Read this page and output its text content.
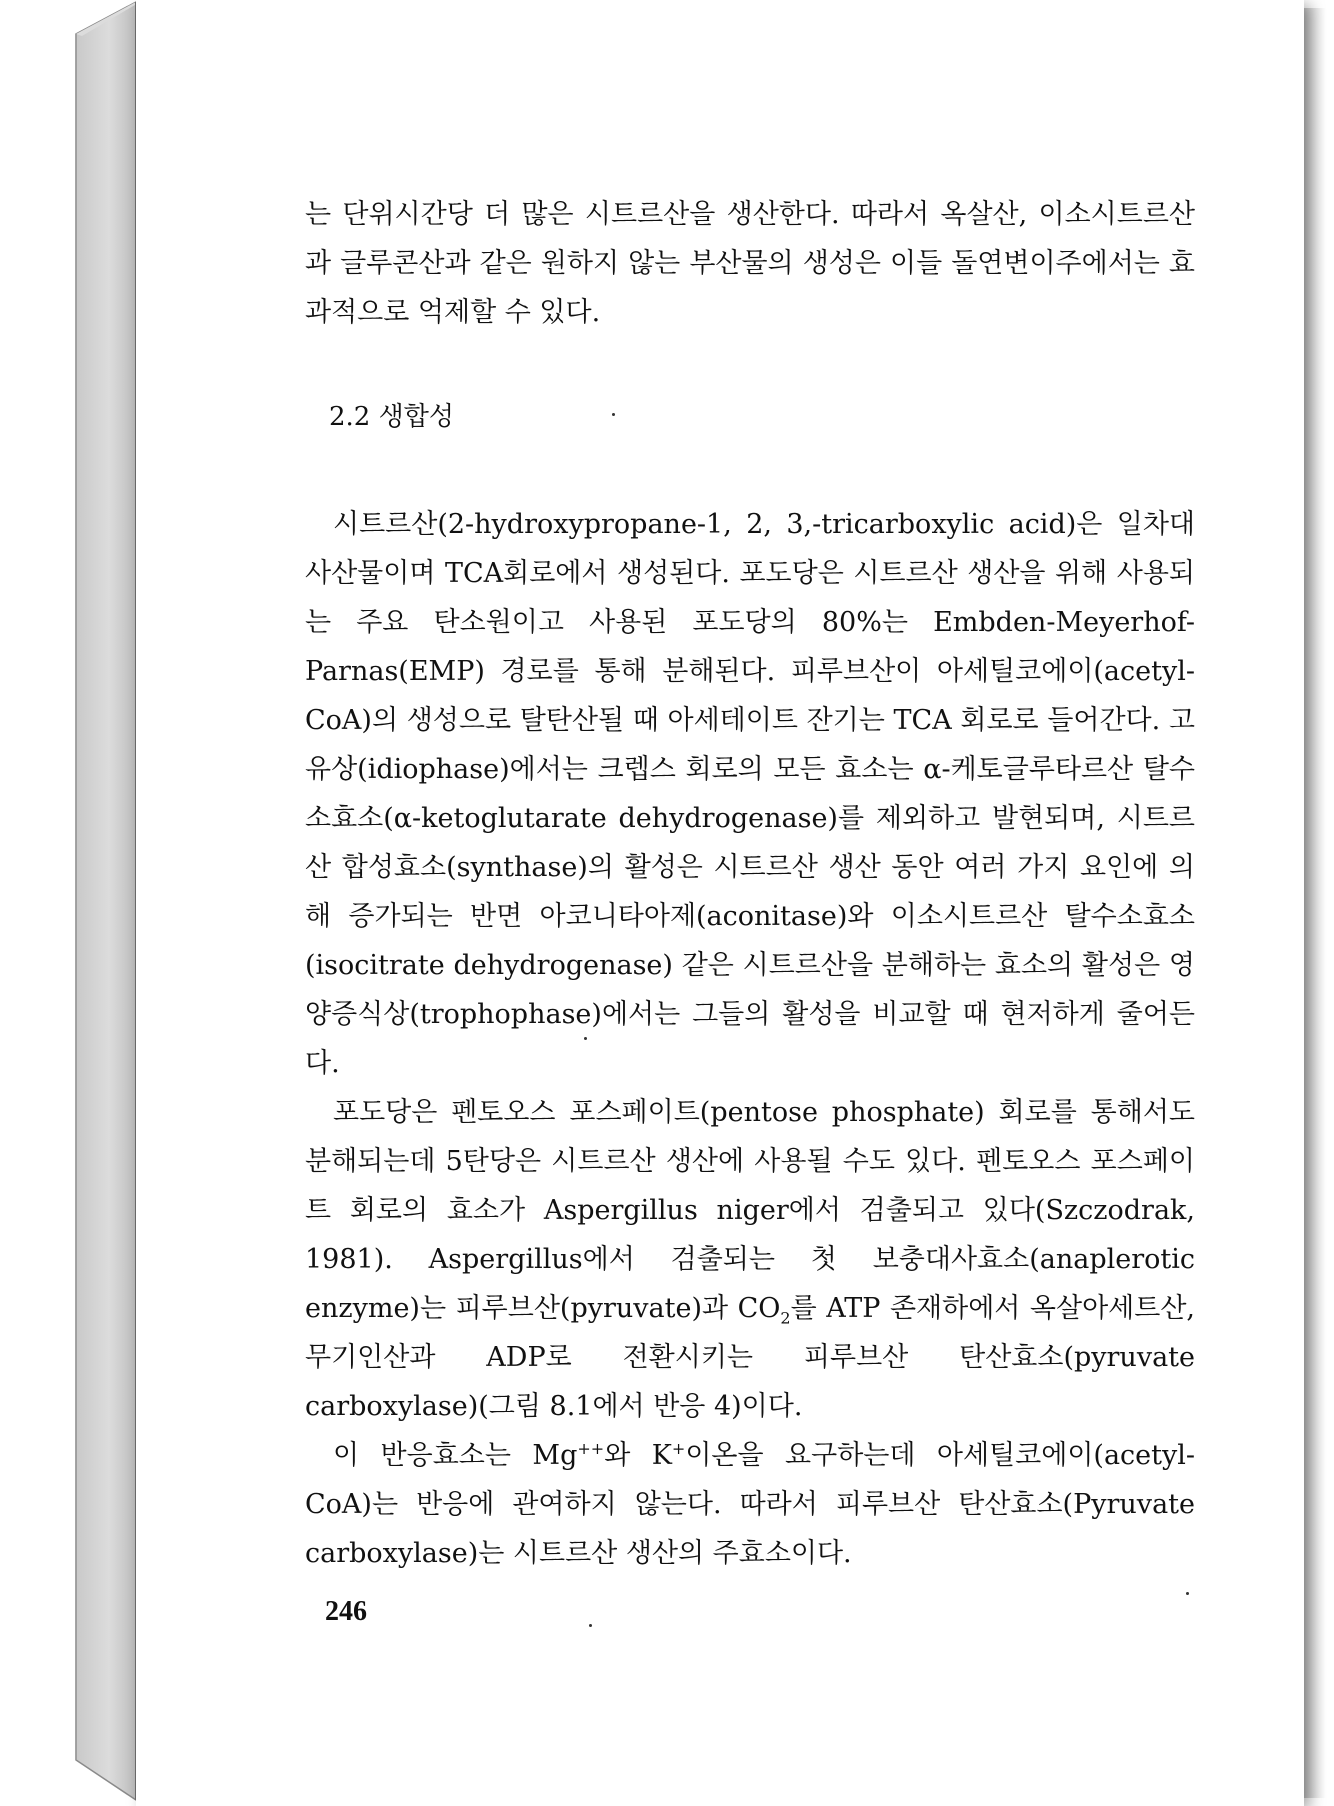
는 단위시간당 더 많은 시트르산을 생산한다. 따라서 옥살산, 이소시트르산과 글루콘산과 같은 원하지 않는 부산물의 생성은 이들 돌연변이주에서는 효과적으로 억제할 수 있다.

2.2 생합성

시트르산(2-hydroxypropane-1, 2, 3,-tricarboxylic acid)은 일차대사산물이며 TCA회로에서 생성된다. 포도당은 시트르산 생산을 위해 사용되는 주요 탄소원이고 사용된 포도당의 80%는 Embden-Meyerhof-Parnas(EMP) 경로를 통해 분해된다. 피루브산이 아세틸코에이(acetyl-CoA)의 생성으로 탈탄산될 때 아세테이트 잔기는 TCA 회로로 들어간다. 고유상(idiophase)에서는 크렙스 회로의 모든 효소는 α-케토글루타르산 탈수소효소(α-ketoglutarate dehydrogenase)를 제외하고 발현되며, 시트르산 합성효소(synthase)의 활성은 시트르산 생산 동안 여러 가지 요인에 의해 증가되는 반면 아코니타아제(aconitase)와 이소시트르산 탈수소효소(isocitrate dehydrogenase) 같은 시트르산을 분해하는 효소의 활성은 영양증식상(trophophase)에서는 그들의 활성을 비교할 때 현저하게 줄어든다.

포도당은 펜토오스 포스페이트(pentose phosphate) 회로를 통해서도 분해되는데 5탄당은 시트르산 생산에 사용될 수도 있다. 펜토오스 포스페이트 회로의 효소가 Aspergillus niger에서 검출되고 있다(Szczodrak, 1981). Aspergillus에서 검출되는 첫 보충대사효소(anaplerotic enzyme)는 피루브산(pyruvate)과 $CO_2$를 ATP 존재하에서 옥살아세트산, 무기인산과 ADP로 전환시키는 피루브산 탄산효소(pyruvate carboxylase)(그림 8.1에서 반응 4)이다.

이 반응효소는 Mg++와 K+이온을 요구하는데 아세틸코에이(acetyl-CoA)는 반응에 관여하지 않는다. 따라서 피루브산 탄산효소(Pyruvate carboxylase)는 시트르산 생산의 주효소이다.

246
